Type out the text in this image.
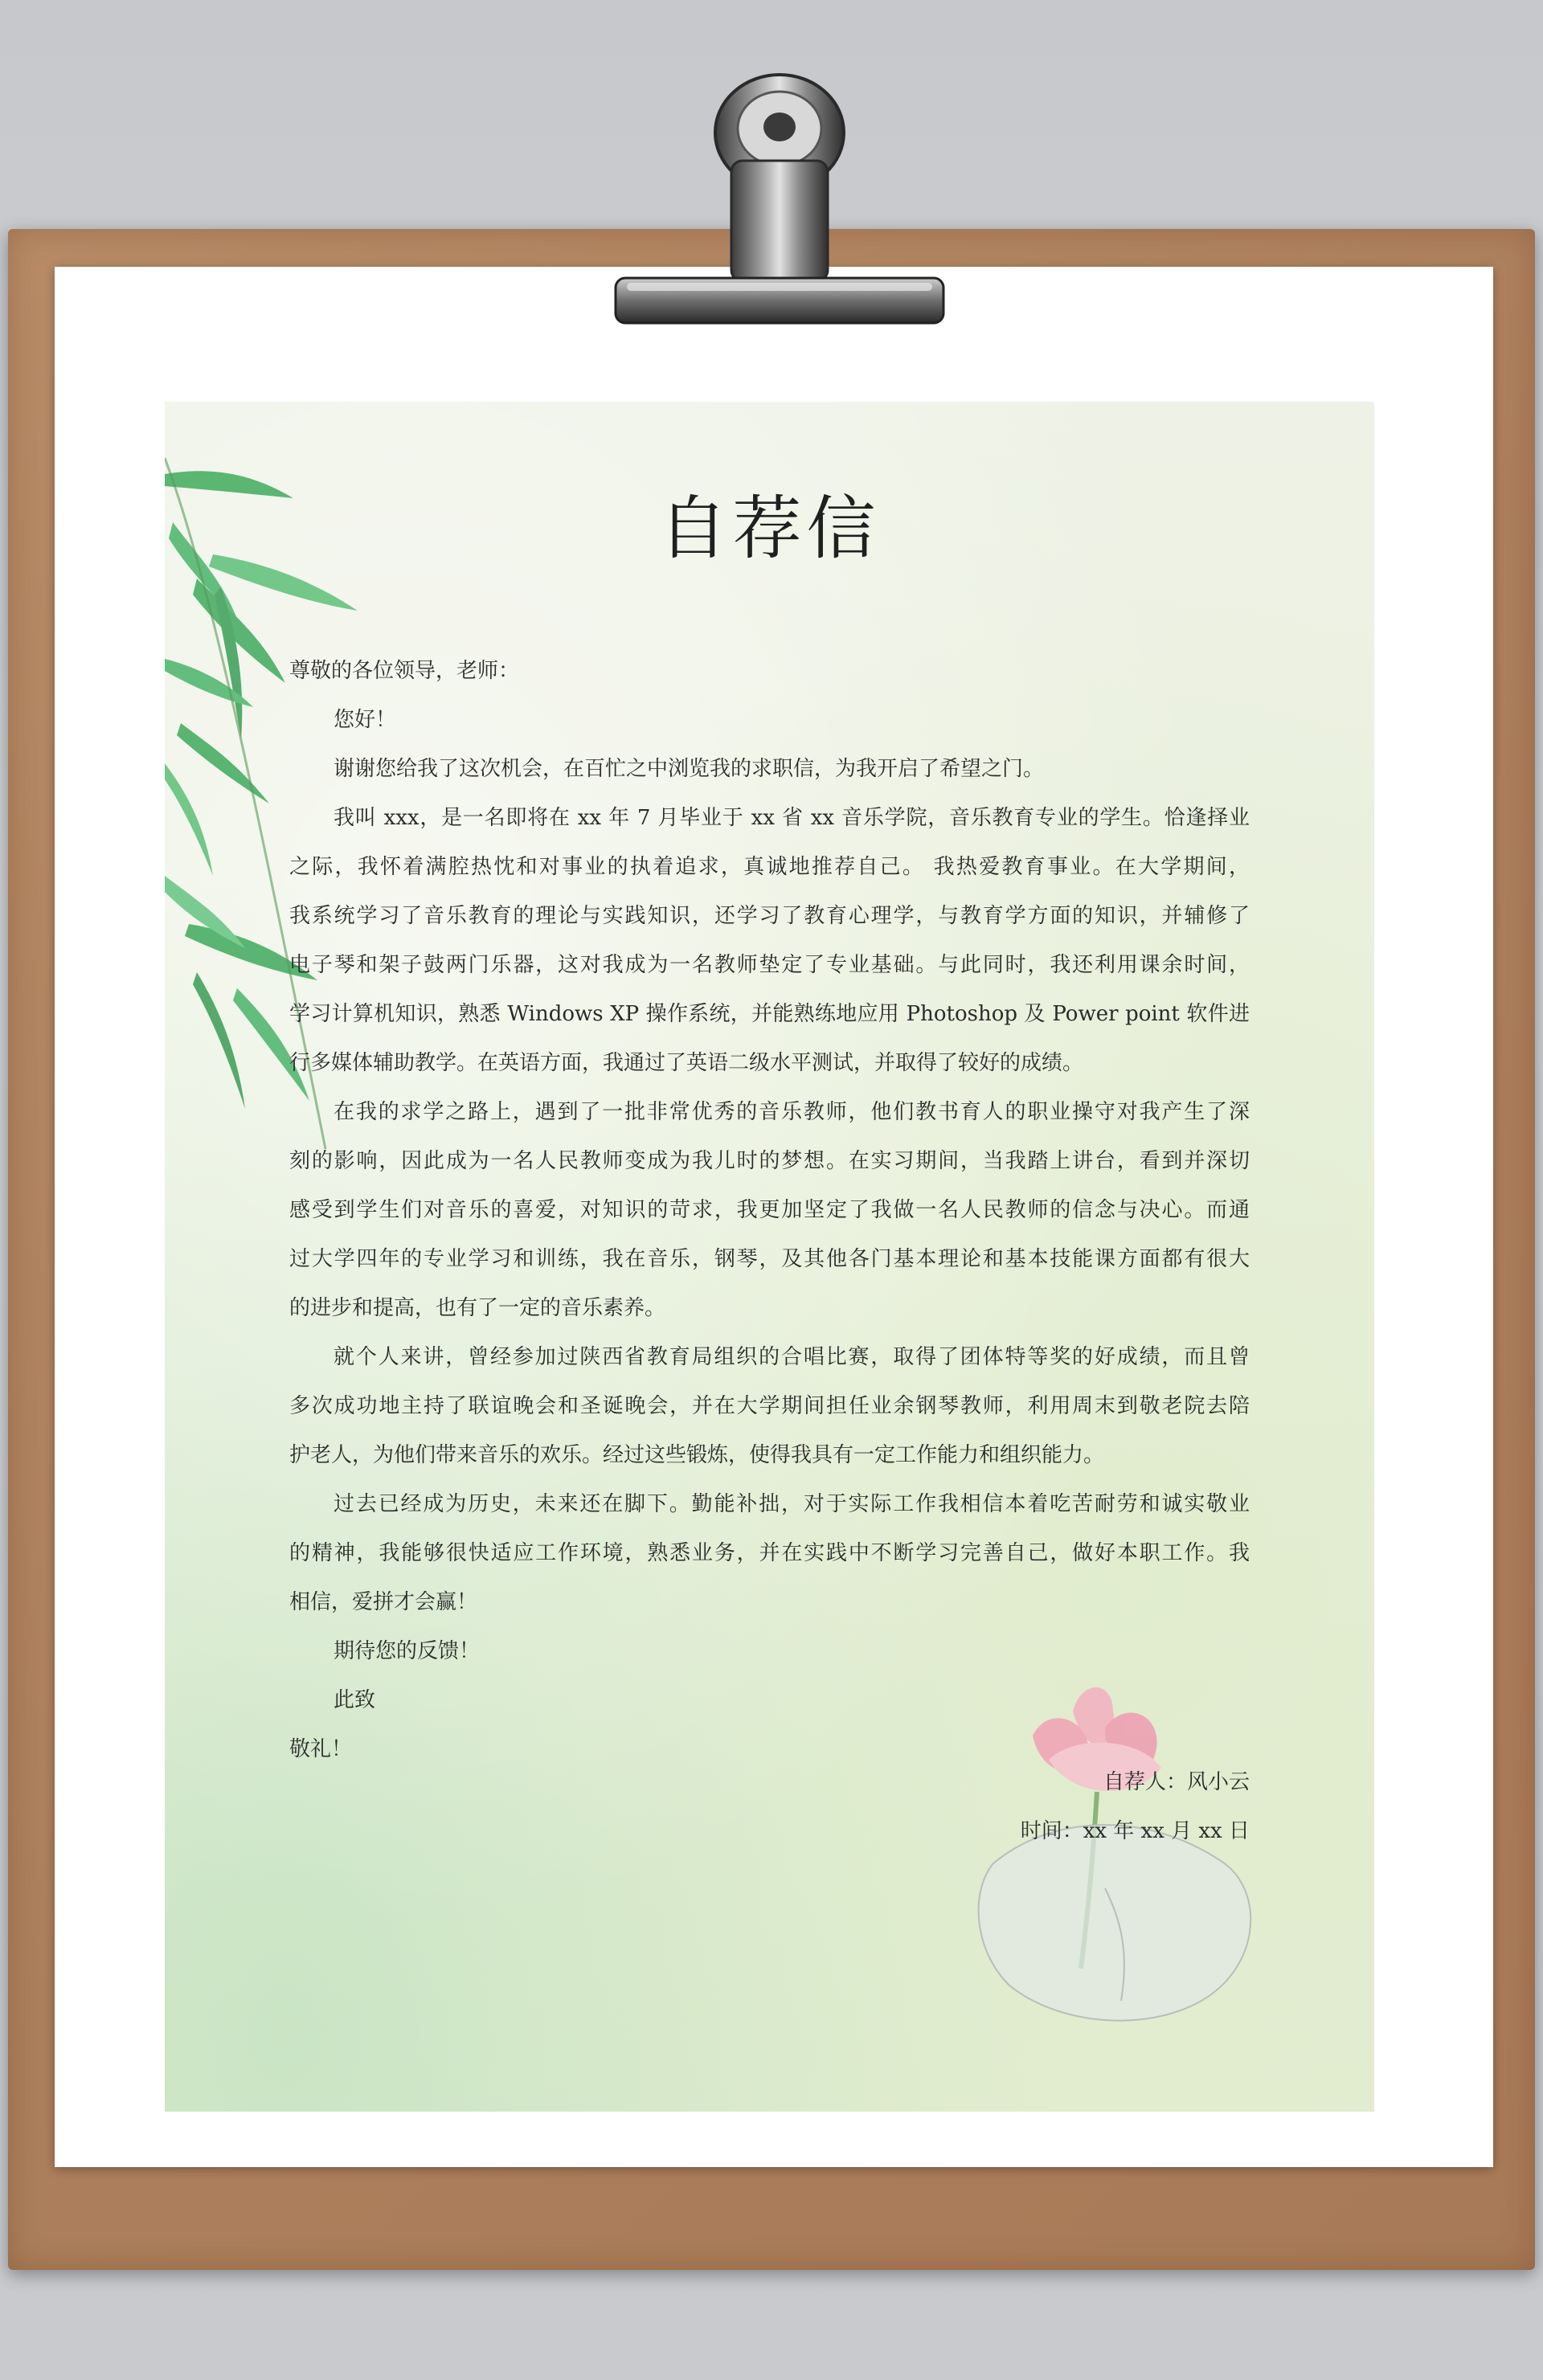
自荐信
尊敬的各位领导，老师：
您好！
谢谢您给我了这次机会，在百忙之中浏览我的求职信，为我开启了希望之门。
我叫 xxx，是一名即将在 xx 年 7 月毕业于 xx 省 xx 音乐学院，音乐教育专业的学生。恰逢择业
之际，我怀着满腔热忱和对事业的执着追求，真诚地推荐自己。 我热爱教育事业。在大学期间，
我系统学习了音乐教育的理论与实践知识，还学习了教育心理学，与教育学方面的知识，并辅修了
电子琴和架子鼓两门乐器，这对我成为一名教师垫定了专业基础。与此同时，我还利用课余时间，
学习计算机知识，熟悉 Windows XP 操作系统，并能熟练地应用 Photoshop 及 Power point 软件进
行多媒体辅助教学。在英语方面，我通过了英语二级水平测试，并取得了较好的成绩。
在我的求学之路上，遇到了一批非常优秀的音乐教师，他们教书育人的职业操守对我产生了深
刻的影响，因此成为一名人民教师变成为我儿时的梦想。在实习期间，当我踏上讲台，看到并深切
感受到学生们对音乐的喜爱，对知识的苛求，我更加坚定了我做一名人民教师的信念与决心。而通
过大学四年的专业学习和训练，我在音乐，钢琴，及其他各门基本理论和基本技能课方面都有很大
的进步和提高，也有了一定的音乐素养。
就个人来讲，曾经参加过陕西省教育局组织的合唱比赛，取得了团体特等奖的好成绩，而且曾
多次成功地主持了联谊晚会和圣诞晚会，并在大学期间担任业余钢琴教师，利用周末到敬老院去陪
护老人，为他们带来音乐的欢乐。经过这些锻炼，使得我具有一定工作能力和组织能力。
过去已经成为历史，未来还在脚下。勤能补拙，对于实际工作我相信本着吃苦耐劳和诚实敬业
的精神，我能够很快适应工作环境，熟悉业务，并在实践中不断学习完善自己，做好本职工作。我
相信，爱拼才会赢！
期待您的反馈！
此致
敬礼！
自荐人：风小云
时间：xx 年 xx 月 xx 日
